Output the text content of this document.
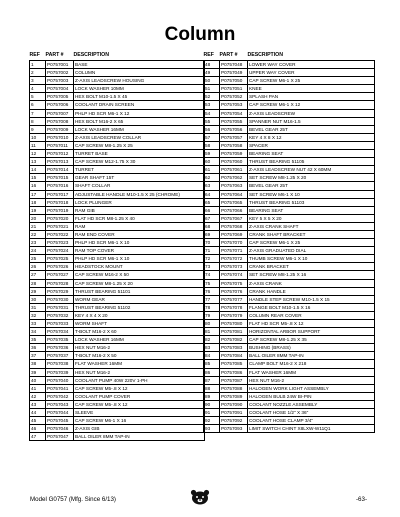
Column
REF	PART #	DESCRIPTION
1	P0757001	BASE
2	P0757002	COLUMN
3	P0757003	Z-AXIS LEADSCREW HOUSING
4	P0757004	LOCK WASHER 10MM
5	P0757005	HEX BOLT M10-1.5 X 45
6	P0757006	COOLANT DRAIN SCREEN
7	P0757007	PHLP HD SCR M6-1 X 12
8	P0757008	HEX BOLT M16-2 X 65
9	P0757009	LOCK WASHER 16MM
10	P0757010	Z-AXIS LEADSCREW COLLAR
11	P0757011	CAP SCREW M8-1.25 X 25
12	P0757012	TURRET BASE
13	P0757013	CAP SCREW M12-1.75 X 30
14	P0757014	TURRET
15	P0757015	GEAR SHAFT 15T
16	P0757016	SHAFT COLLAR
17	P0757017	ADJUSTABLE HANDLE M10-1.5 X 25 (CHROME)
18	P0757018	LOCK PLUNGER
19	P0757019	RAM GIB
20	P0757020	FLAT HD SCR M8-1.25 X 40
21	P0757021	RAM
22	P0757022	RAM END COVER
23	P0757023	PHLP HD SCR M6-1 X 10
24	P0757024	RAM TOP COVER
25	P0757025	PHLP HD SCR M6-1 X 10
26	P0757026	HEADSTOCK MOUNT
27	P0757027	CAP SCREW M16-2 X 50
28	P0757028	CAP SCREW M8-1.25 X 20
29	P0757029	THRUST BEARING 51101
30	P0757030	WORM GEAR
31	P0757031	THRUST BEARING 51102
32	P0757032	KEY 4 X 4 X 20
33	P0757033	WORM SHAFT
34	P0757034	T-BOLT M16-2 X 60
35	P0757035	LOCK WASHER 16MM
36	P0757036	HEX NUT M16-2
37	P0757037	T-BOLT M16-2 X 50
38	P0757038	FLAT WASHER 16MM
39	P0757039	HEX NUT M16-2
40	P0757040	COOLANT PUMP 40W 220V 1-PH
41	P0757041	CAP SCREW M5-.8 X 12
42	P0757042	COOLANT PUMP COVER
43	P0757043	CAP SCREW M5-.8 X 12
44	P0757044	SLEEVE
45	P0757045	CAP SCREW M6-1 X 16
46	P0757046	Z-AXIS GIB
47	P0757047	BALL OILER 8MM TAP-IN
REF	PART #	DESCRIPTION
48	P0757048	LOWER WAY COVER
49	P0757049	UPPER WAY COVER
50	P0757050	CAP SCREW M6-1 X 25
51	P0757051	KNEE
52	P0757052	SPLASH PAN
53	P0757053	CAP SCREW M6-1 X 12
54	P0757054	Z-AXIS LEADSCREW
55	P0757055	SPANNER NUT M16-1.5
56	P0757056	BEVEL GEAR 25T
57	P0757057	KEY 4 X 8 X 12
58	P0757058	SPACER
59	P0757059	BEARING SEAT
60	P0757060	THRUST BEARING 51105
61	P0757061	Z-AXIS LEADSCREW NUT 42 X 60MM
62	P0757062	SET SCREW M8-1.25 X 20
63	P0757063	BEVEL GEAR 25T
64	P0757064	SET SCREW M6-1 X 10
65	P0757065	THRUST BEARING 51103
66	P0757066	BEARING SEAT
67	P0757067	KEY 5 X 5 X 20
68	P0757068	Z-AXIS CRANK SHAFT
69	P0757069	CRANK SHAFT BRACKET
70	P0757070	CAP SCREW M6-1 X 25
71	P0757071	Z-AXIS GRADUATED DIAL
72	P0757072	THUMB SCREW M6-1 X 10
73	P0757073	CRANK BRACKET
74	P0757074	SET SCREW M8-1.25 X 16
75	P0757075	Z-AXIS CRANK
76	P0757076	CRANK HANDLE
77	P0757077	HANDLE STEP SCREW M10-1.5 X 15
78	P0757078	FLANGE BOLT M10-1.5 X 16
79	P0757079	COLUMN REAR COVER
80	P0757080	FLAT HD SCR M5-.8 X 12
81	P0757081	HORIZONTAL ARBOR SUPPORT
82	P0757082	CAP SCREW M8-1.25 X 35
83	P0757083	BUSHING (BRASS)
84	P0757084	BALL OILER 8MM TAP-IN
85	P0757085	CLAMP BOLT M16-2 X 218
86	P0757086	FLAT WASHER 16MM
87	P0757087	HEX NUT M16-2
88	P0757088	HALOGEN WORK LIGHT ASSEMBLY
89	P0757089	HALOGEN BULB 24W BI-PIN
90	P0757090	COOLANT NOZZLE ASSEMBLY
91	P0757091	COOLANT HOSE 1/2" X 36"
92	P0757092	COOLANT HOSE CLAMP 3/4"
93	P0757093	LIMIT SWITCH CHINT X8LXW-W11Q1
Model G0757 (Mfg. Since 6/13)	-63-
